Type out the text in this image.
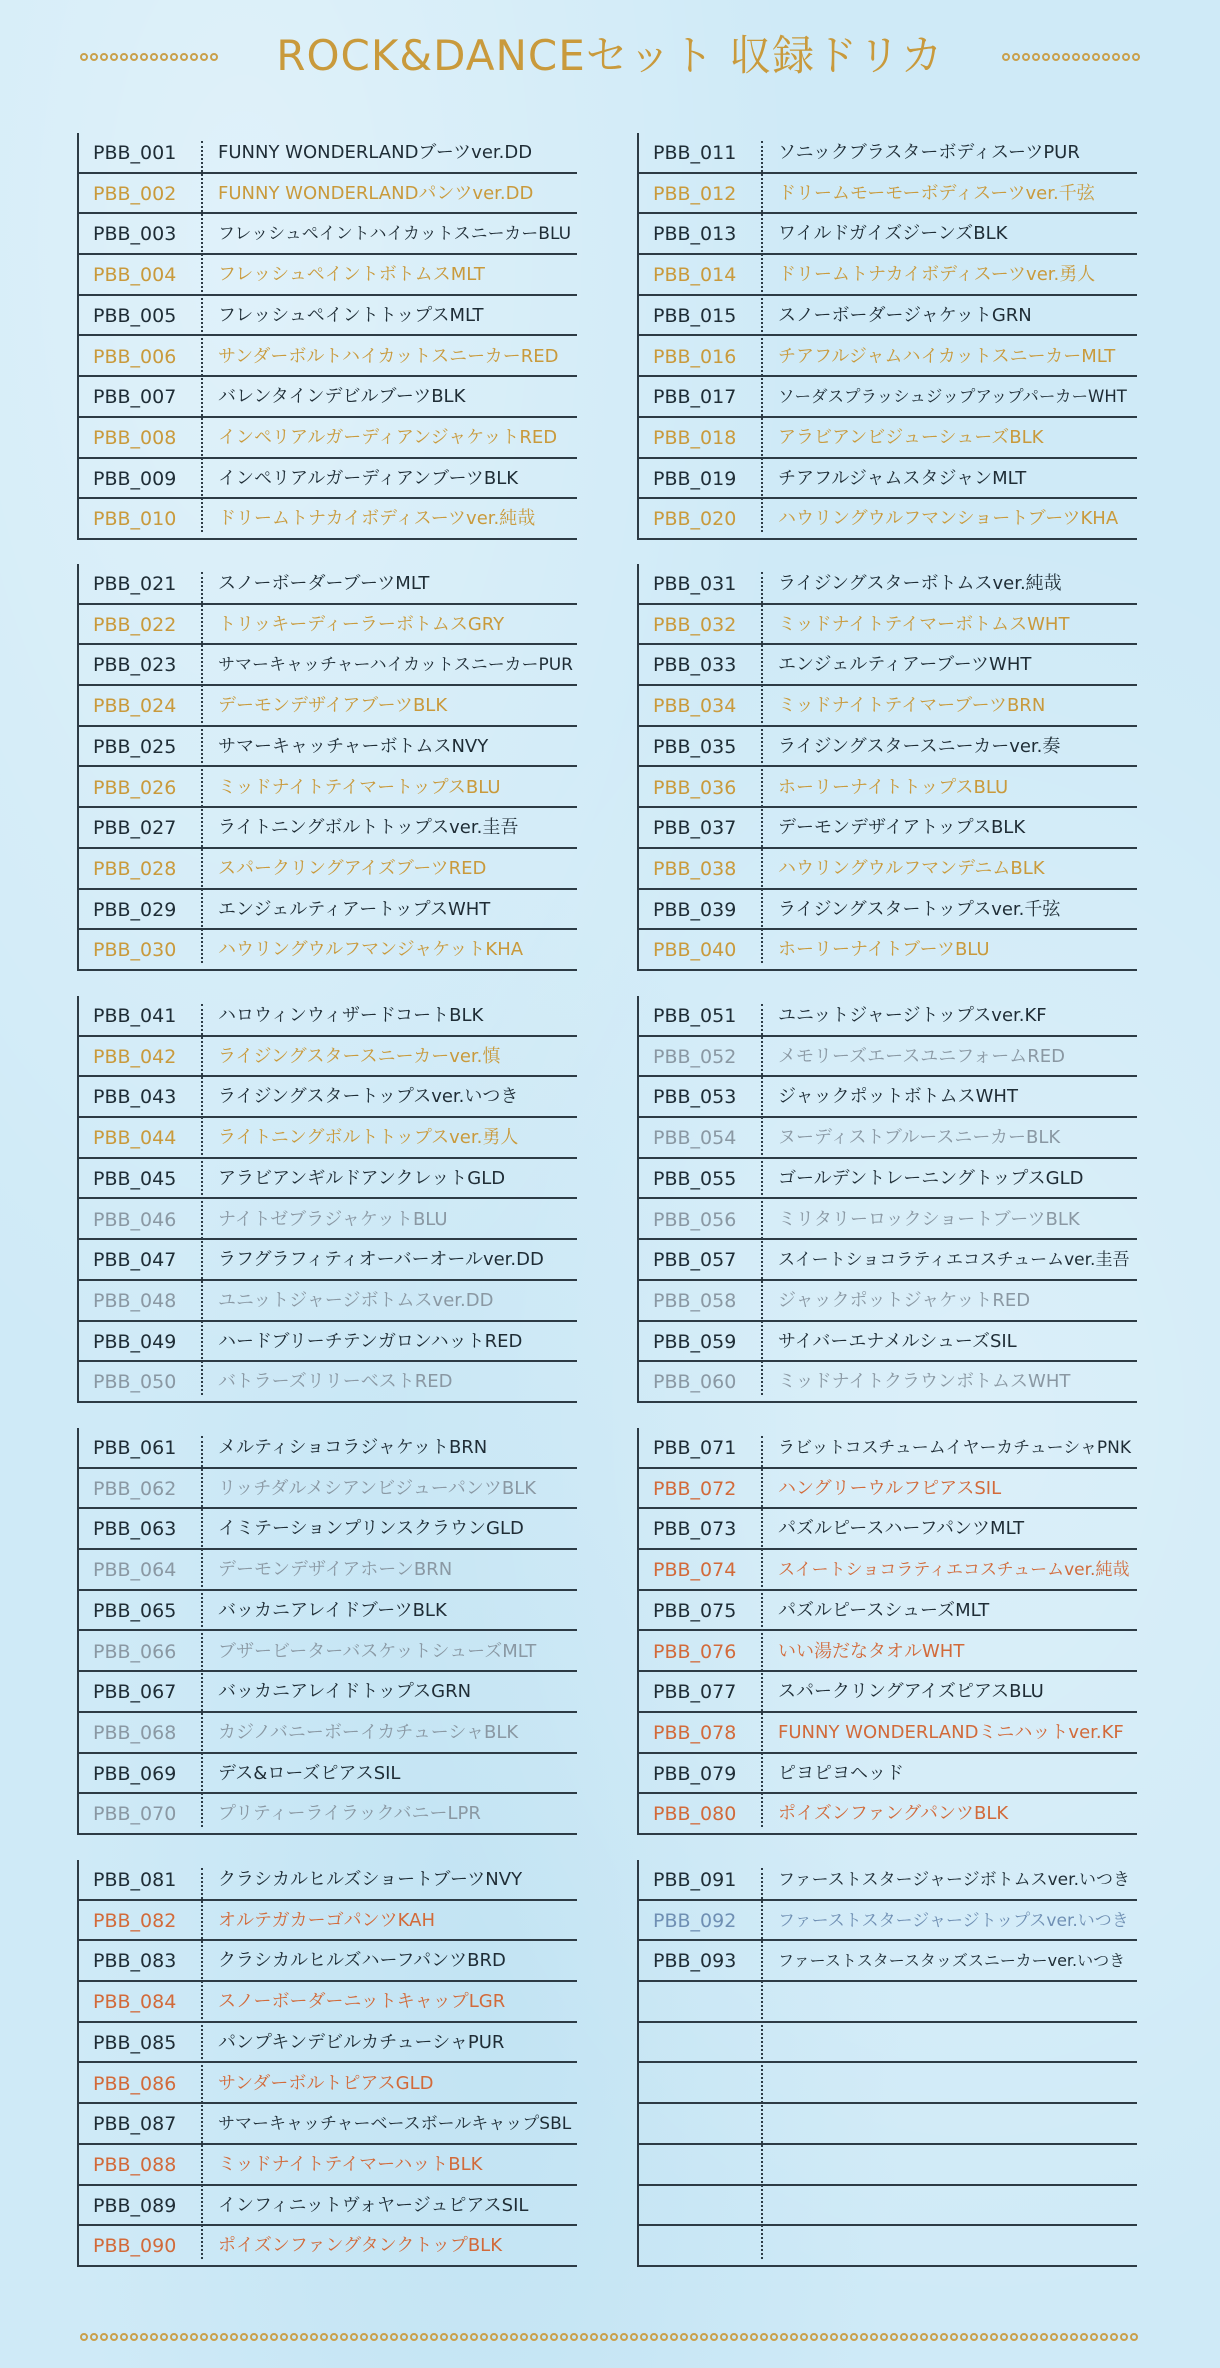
ROCK&DANCEセット 収録ドリカ
PBB_001 FUNNY WONDERLANDブーツver.DD
PBB_002 FUNNY WONDERLANDパンツver.DD
PBB_003 フレッシュペイントハイカットスニーカーBLU
PBB_004 フレッシュペイントボトムスMLT
PBB_005 フレッシュペイントトップスMLT
PBB_006 サンダーボルトハイカットスニーカーRED
PBB_007 バレンタインデビルブーツBLK
PBB_008 インペリアルガーディアンジャケットRED
PBB_009 インペリアルガーディアンブーツBLK
PBB_010 ドリームトナカイボディスーツver.純哉
PBB_021 スノーボーダーブーツMLT
PBB_022 トリッキーディーラーボトムスGRY
PBB_023 サマーキャッチャーハイカットスニーカーPUR
PBB_024 デーモンデザイアブーツBLK
PBB_025 サマーキャッチャーボトムスNVY
PBB_026 ミッドナイトテイマートップスBLU
PBB_027 ライトニングボルトトップスver.圭吾
PBB_028 スパークリングアイズブーツRED
PBB_029 エンジェルティアートップスWHT
PBB_030 ハウリングウルフマンジャケットKHA
PBB_041 ハロウィンウィザードコートBLK
PBB_042 ライジングスタースニーカーver.慎
PBB_043 ライジングスタートップスver.いつき
PBB_044 ライトニングボルトトップスver.勇人
PBB_045 アラビアンギルドアンクレットGLD
PBB_046 ナイトゼブラジャケットBLU
PBB_047 ラフグラフィティオーバーオールver.DD
PBB_048 ユニットジャージボトムスver.DD
PBB_049 ハードブリーチテンガロンハットRED
PBB_050 バトラーズリリーベストRED
PBB_061 メルティショコラジャケットBRN
PBB_062 リッチダルメシアンビジューパンツBLK
PBB_063 イミテーションプリンスクラウンGLD
PBB_064 デーモンデザイアホーンBRN
PBB_065 バッカニアレイドブーツBLK
PBB_066 ブザービーターバスケットシューズMLT
PBB_067 バッカニアレイドトップスGRN
PBB_068 カジノバニーボーイカチューシャBLK
PBB_069 デス&ローズピアスSIL
PBB_070 プリティーライラックバニーLPR
PBB_081 クラシカルヒルズショートブーツNVY
PBB_082 オルテガカーゴパンツKAH
PBB_083 クラシカルヒルズハーフパンツBRD
PBB_084 スノーボーダーニットキャップLGR
PBB_085 パンプキンデビルカチューシャPUR
PBB_086 サンダーボルトピアスGLD
PBB_087 サマーキャッチャーベースボールキャップSBL
PBB_088 ミッドナイトテイマーハットBLK
PBB_089 インフィニットヴォヤージュピアスSIL
PBB_090 ポイズンファングタンクトップBLK
PBB_011 ソニックブラスターボディスーツPUR
PBB_012 ドリームモーモーボディスーツver.千弦
PBB_013 ワイルドガイズジーンズBLK
PBB_014 ドリームトナカイボディスーツver.勇人
PBB_015 スノーボーダージャケットGRN
PBB_016 チアフルジャムハイカットスニーカーMLT
PBB_017	ソーダスプラッシュジップアップパーカーWHT
PBB_018 アラビアンビジューシューズBLK
PBB_019 チアフルジャムスタジャンMLT
PBB_020 ハウリングウルフマンショートブーツKHA
PBB_031 ライジングスターボトムスver.純哉
PBB_032 ミッドナイトテイマーボトムスWHT
PBB_033 エンジェルティアーブーツWHT
PBB_034 ミッドナイトテイマーブーツBRN
PBB_035 ライジングスタースニーカーver.奏
PBB_036 ホーリーナイトトップスBLU
PBB_037 デーモンデザイアトップスBLK
PBB_038 ハウリングウルフマンデニムBLK
PBB_039 ライジングスタートップスver.千弦
PBB_040 ホーリーナイトブーツBLU
PBB_051 ユニットジャージトップスver.KF
PBB_052 メモリーズエースユニフォームRED
PBB_053 ジャックポットボトムスWHT
PBB_054 ヌーディストブルースニーカーBLK
PBB_055 ゴールデントレーニングトップスGLD
PBB_056 ミリタリーロックショートブーツBLK
PBB_057 スイートショコラティエコスチュームver.圭吾
PBB_058 ジャックポットジャケットRED
PBB_059 サイバーエナメルシューズSIL
PBB_060 ミッドナイトクラウンボトムスWHT
PBB_071 ラビットコスチュームイヤーカチューシャPNK
PBB_072 ハングリーウルフピアスSIL
PBB_073 パズルピースハーフパンツMLT
PBB_074 スイートショコラティエコスチュームver.純哉
PBB_075 パズルピースシューズMLT
PBB_076 いい湯だなタオルWHT
PBB_077 スパークリングアイズピアスBLU
PBB_078 FUNNY WONDERLANDミニハットver.KF
PBB_079 ピヨピヨヘッド
PBB_080 ポイズンファングパンツBLK
PBB_091 ファーストスタージャージボトムスver.いつき
PBB_092 ファーストスタージャージトップスver.いつき
PBB_093	ファーストスタースタッズスニーカーver.いつき
